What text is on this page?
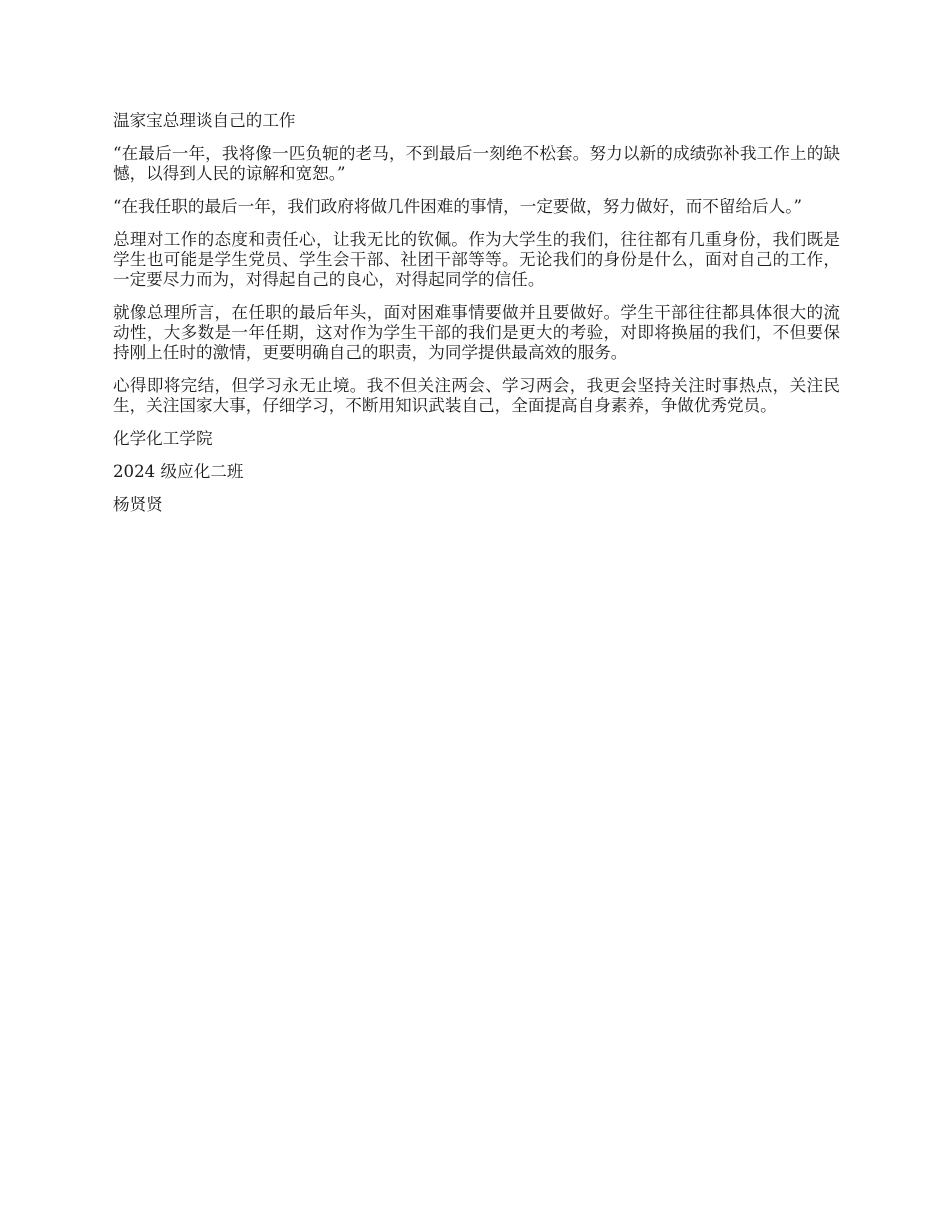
温家宝总理谈自己的工作

“在最后一年，我将像一匹负轭的老马，不到最后一刻绝不松套。努力以新的成绩弥补我工作上的缺憾，以得到人民的谅解和宽恕。”

“在我任职的最后一年，我们政府将做几件困难的事情，一定要做，努力做好，而不留给后人。”

总理对工作的态度和责任心，让我无比的钦佩。作为大学生的我们，往往都有几重身份，我们既是学生也可能是学生党员、学生会干部、社团干部等等。无论我们的身份是什么，面对自己的工作，一定要尽力而为，对得起自己的良心，对得起同学的信任。

就像总理所言，在任职的最后年头，面对困难事情要做并且要做好。学生干部往往都具体很大的流动性，大多数是一年任期，这对作为学生干部的我们是更大的考验，对即将换届的我们，不但要保持刚上任时的激情，更要明确自己的职责，为同学提供最高效的服务。

心得即将完结，但学习永无止境。我不但关注两会、学习两会，我更会坚持关注时事热点，关注民生，关注国家大事，仔细学习，不断用知识武装自己，全面提高自身素养，争做优秀党员。

化学化工学院

2024 级应化二班

杨贤贤
